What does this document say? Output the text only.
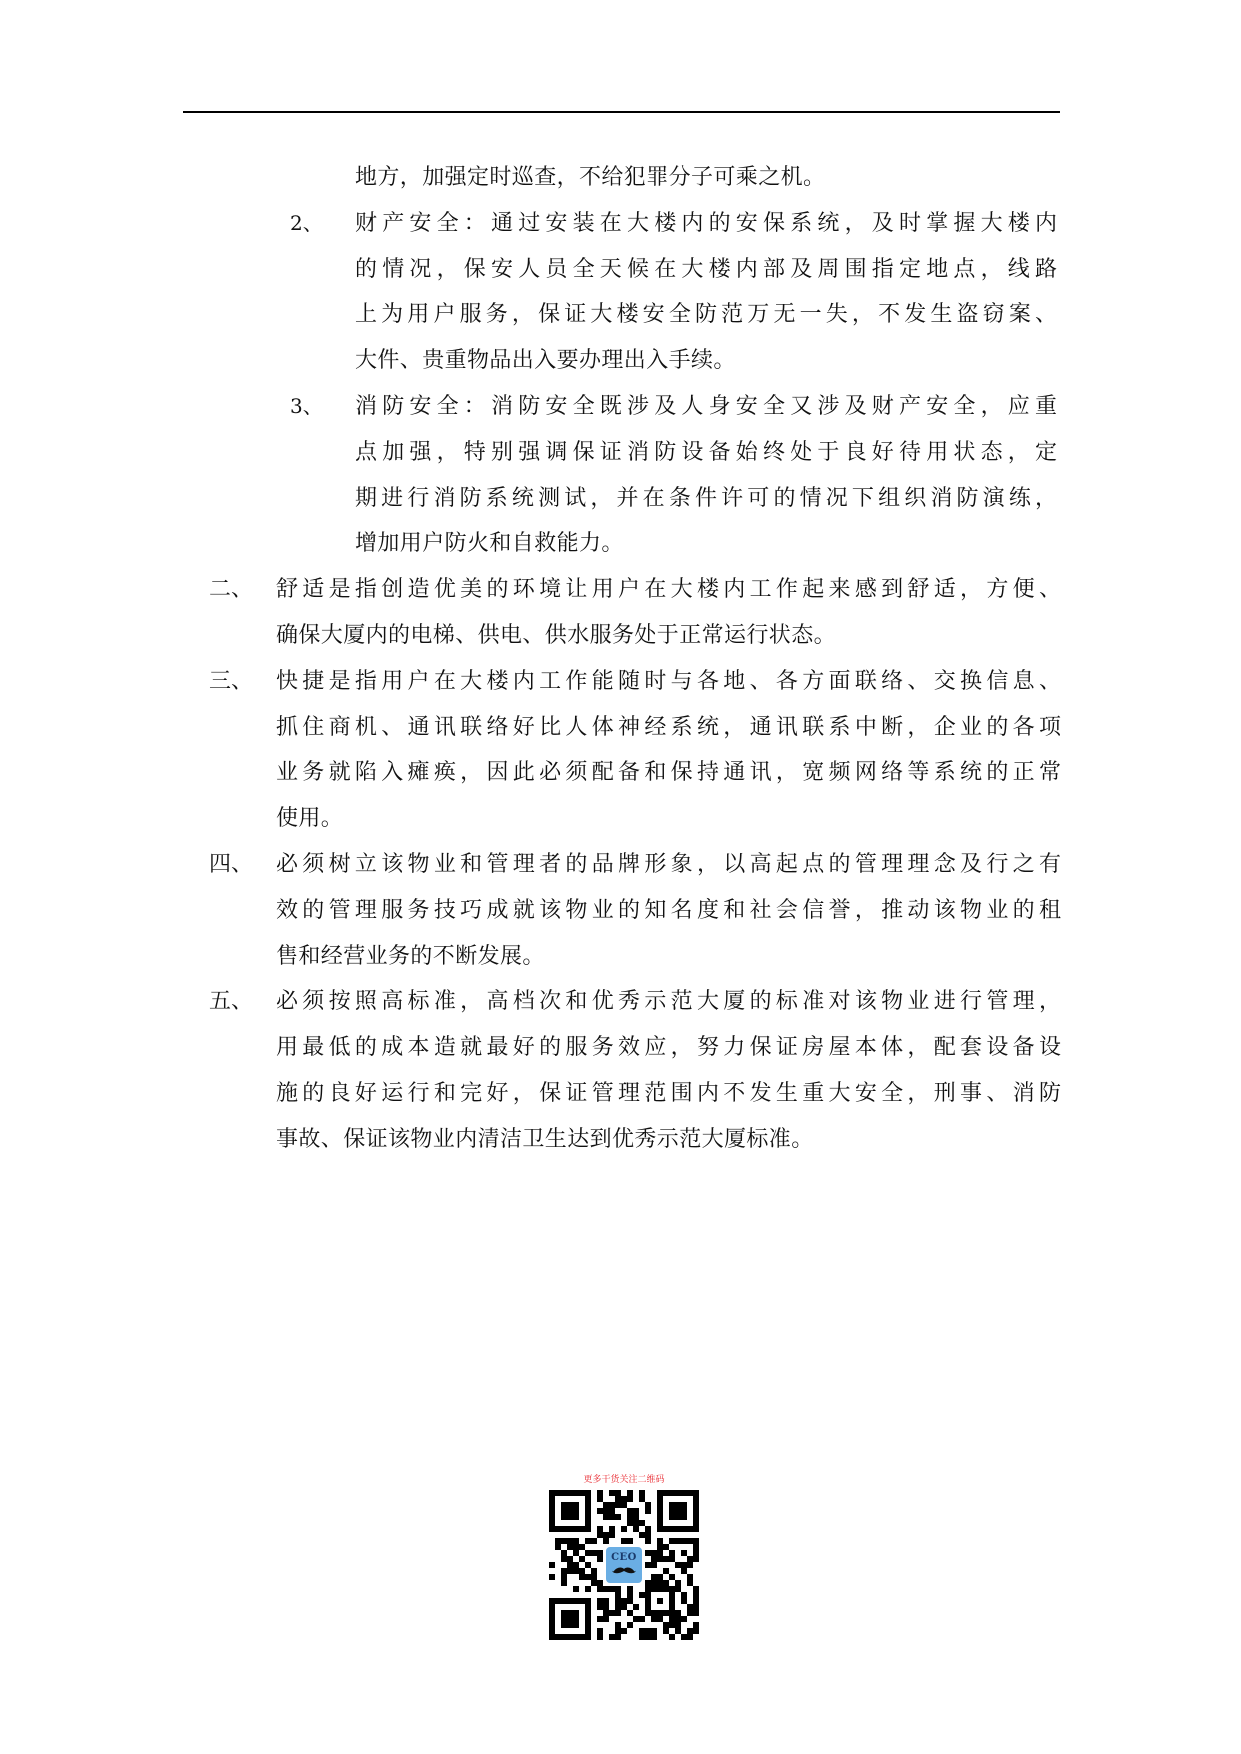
地方，加强定时巡查，不给犯罪分子可乘之机。
2、 财产安全：通过安装在大楼内的安保系统，及时掌握大楼内
的情况，保安人员全天候在大楼内部及周围指定地点，线路
上为用户服务，保证大楼安全防范万无一失，不发生盗窃案、
大件、贵重物品出入要办理出入手续。
3、 消防安全：消防安全既涉及人身安全又涉及财产安全，应重
点加强，特别强调保证消防设备始终处于良好待用状态，定
期进行消防系统测试，并在条件许可的情况下组织消防演练，
增加用户防火和自救能力。
二、 舒适是指创造优美的环境让用户在大楼内工作起来感到舒适，方便、
确保大厦内的电梯、供电、供水服务处于正常运行状态。
三、 快捷是指用户在大楼内工作能随时与各地、各方面联络、交换信息、
抓住商机、通讯联络好比人体神经系统，通讯联系中断，企业的各项
业务就陷入瘫痪，因此必须配备和保持通讯，宽频网络等系统的正常
使用。
四、 必须树立该物业和管理者的品牌形象，以高起点的管理理念及行之有
效的管理服务技巧成就该物业的知名度和社会信誉，推动该物业的租
售和经营业务的不断发展。
五、 必须按照高标准，高档次和优秀示范大厦的标准对该物业进行管理，
用最低的成本造就最好的服务效应，努力保证房屋本体，配套设备设
施的良好运行和完好，保证管理范围内不发生重大安全，刑事、消防
事故、保证该物业内清洁卫生达到优秀示范大厦标准。
更多干货关注二维码
CEO
